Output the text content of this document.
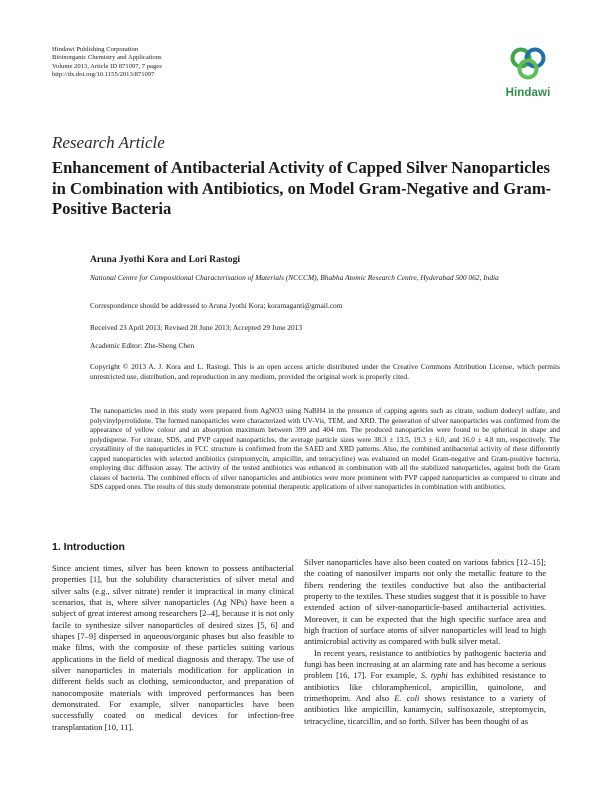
Hindawi Publishing Corporation
Bioinorganic Chemistry and Applications
Volume 2013, Article ID 871097, 7 pages
http://dx.doi.org/10.1155/2013/871097
Hindawi
Research Article
Enhancement of Antibacterial Activity of Capped Silver Nanoparticles in Combination with Antibiotics, on Model Gram-Negative and Gram-Positive Bacteria
Aruna Jyothi Kora and Lori Rastogi
National Centre for Compositional Characterisation of Materials (NCCCM), Bhabha Atomic Research Centre, Hyderabad 500 062, India
Correspondence should be addressed to Aruna Jyothi Kora; koramaganti@gmail.com
Received 23 April 2013; Revised 28 June 2013; Accepted 29 June 2013
Academic Editor: Zhe-Sheng Chen
Copyright © 2013 A. J. Kora and L. Rastogi. This is an open access article distributed under the Creative Commons Attribution License, which permits unrestricted use, distribution, and reproduction in any medium, provided the original work is properly cited.
The nanoparticles used in this study were prepared from AgNO3 using NaBH4 in the presence of capping agents such as citrate, sodium dodecyl sulfate, and polyvinylpyrrolidone. The formed nanoparticles were characterized with UV-Vis, TEM, and XRD. The generation of silver nanoparticles was confirmed from the appearance of yellow colour and an absorption maximum between 399 and 404 nm. The produced nanoparticles were found to be spherical in shape and polydisperse. For citrate, SDS, and PVP capped nanoparticles, the average particle sizes were 38.3 ± 13.5, 19.3 ± 6.0, and 16.0 ± 4.8 nm, respectively. The crystallinity of the nanoparticles in FCC structure is confirmed from the SAED and XRD patterns. Also, the combined antibacterial activity of these differently capped nanoparticles with selected antibiotics (streptomycin, ampicillin, and tetracycline) was evaluated on model Gram-negative and Gram-positive bacteria, employing disc diffusion assay. The activity of the tested antibiotics was enhanced in combination with all the stabilized nanoparticles, against both the Gram classes of bacteria. The combined effects of silver nanoparticles and antibiotics were more prominent with PVP capped nanoparticles as compared to citrate and SDS capped ones. The results of this study demonstrate potential therapeutic applications of silver nanoparticles in combination with antibiotics.
1. Introduction
Since ancient times, silver has been known to possess antibacterial properties [1], but the solubility characteristics of silver metal and silver salts (e.g., silver nitrate) render it impractical in many clinical scenarios, that is, where silver nanoparticles (Ag NPs) have been a subject of great interest among researchers [2–4], because it is not only facile to synthesize silver nanoparticles of desired sizes [5, 6] and shapes [7–9] dispersed in aqueous/organic phases but also feasible to make films, with the composite of these particles suiting various applications in the field of medical diagnosis and therapy. The use of silver nanoparticles in materials modification for application in different fields such as clothing, semiconductor, and preparation of nanocomposite materials with improved performances has been demonstrated. For example, silver nanoparticles have been successfully coated on medical devices for infection-free transplantation [10, 11].

Silver nanoparticles have also been coated on various fabrics [12–15]; the coating of nanosilver imparts not only the metallic feature to the fibers rendering the textiles conductive but also the antibacterial property to the textiles. These studies suggest that it is possible to have extended action of silver-nanoparticle-based antibacterial activities. Moreover, it can be expected that the high specific surface area and high fraction of surface atoms of silver nanoparticles will lead to high antimicrobial activity as compared with bulk silver metal.

In recent years, resistance to antibiotics by pathogenic bacteria and fungi has been increasing at an alarming rate and has become a serious problem [16, 17]. For example, S. typhi has exhibited resistance to antibiotics like chloramphenicol, ampicillin, quinolone, and trimethoprim. And also E. coli shows resistance to a variety of antibiotics like ampicillin, kanamycin, sulfisoxazole, streptomycin, tetracycline, ticarcillin, and so forth. Silver has been thought of as
